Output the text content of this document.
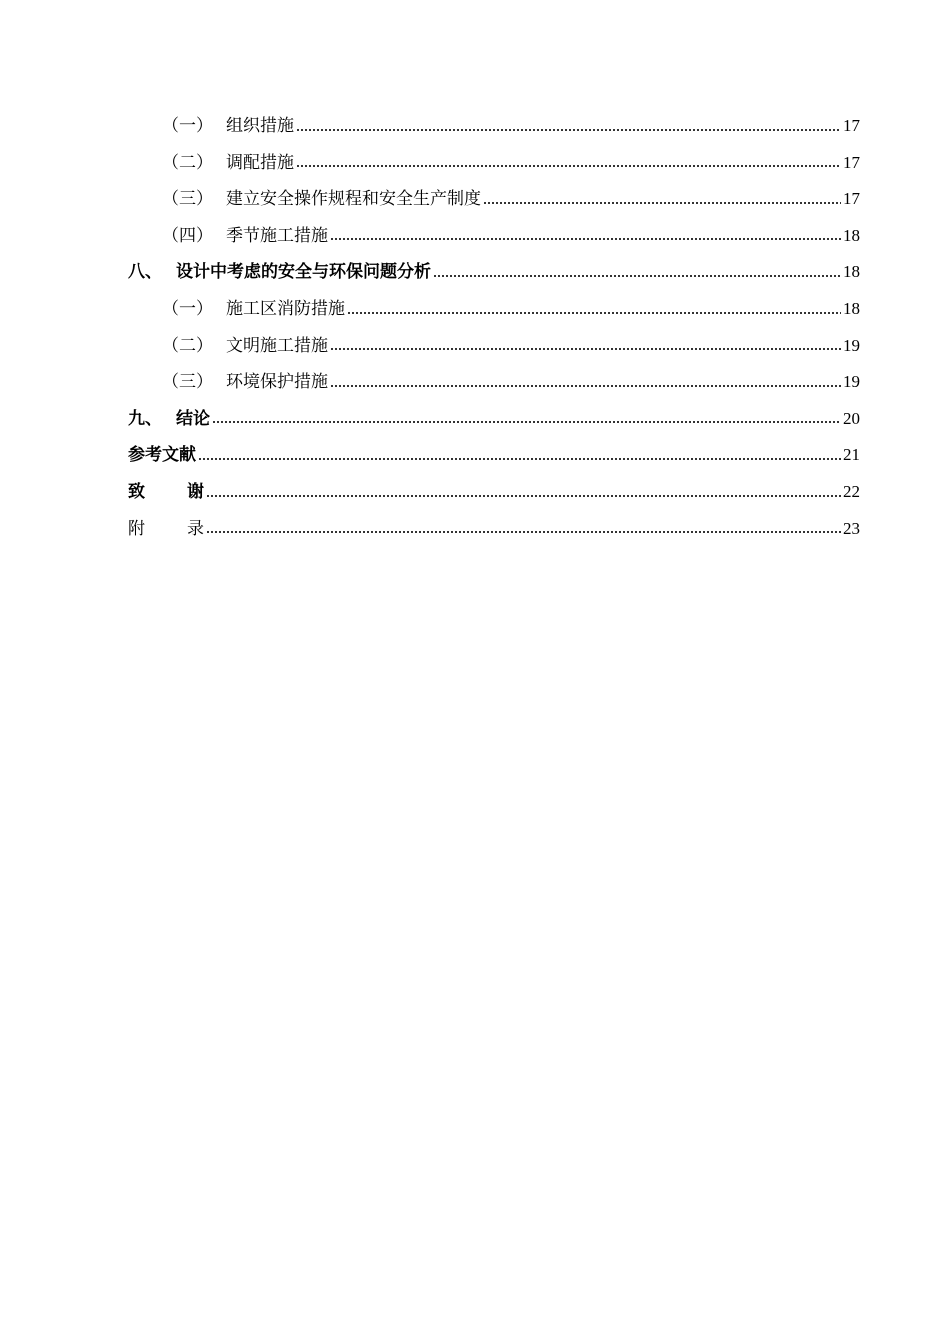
（一） 组织措施	17
（二） 调配措施	17
（三） 建立安全操作规程和安全生产制度	17
（四） 季节施工措施	18
八、 设计中考虑的安全与环保问题分析	18
（一） 施工区消防措施	18
（二） 文明施工措施	19
（三） 环境保护措施	19
九、 结论	20
参考文献	21
致谢	22
附录	23
